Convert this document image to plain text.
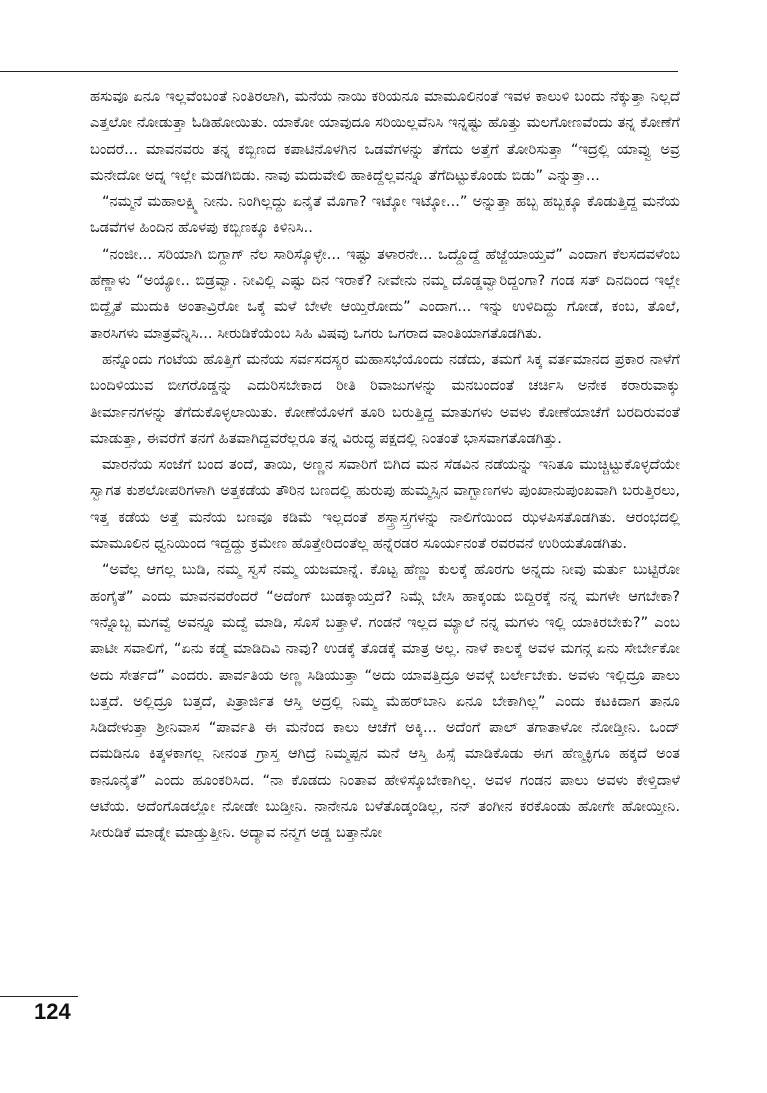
ಹಸುವೂ ಏನೂ ಇಲ್ಲವೆಂಬಂತೆ ನಿಂತಿರಲಾಗಿ, ಮನೆಯ ನಾಯಿ ಕರಿಯನೂ ಮಾಮೂಲಿನಂತೆ ಇವಳ ಕಾಲುಳಿ ಬಂದು ನೆಕ್ಕುತ್ತಾ ನಿಲ್ಲದೆ ಎತ್ತಲೋ ನೋಡುತ್ತಾ ಓಡಿಹೋಯಿತು. ಯಾಕೋ ಯಾವುದೂ ಸರಿಯಿಲ್ಲವೆನಿಸಿ ಇನ್ನಷ್ಟು ಹೊತ್ತು ಮಲಗೋಣವೆಂದು ತನ್ನ ಕೋಣೆಗೆ ಬಂದರೆ... ಮಾವನವರು ತನ್ನ ಕಬ್ಬಿಣದ ಕಪಾಟಿನೊಳಗಿನ ಒಡವೆಗಳನ್ನು ತೆಗೆದು ಅತ್ತೆಗೆ ತೋರಿಸುತ್ತಾ “ಇದ್ರಲ್ಲಿ ಯಾವ್ವು ಅವ್ರ ಮನೇದೋ ಅದ್ನ ಇಲ್ಲೇ ಮಡಗಿಬಿಡು. ನಾವು ಮದುವೇಲಿ ಹಾಕಿದ್ದೆಲ್ಲವನ್ನೂ ತೆಗೆದಿಟ್ಟುಕೊಂಡು ಬಿಡು” ಎನ್ನುತ್ತಾ...

“ನಮ್ಮನೆ ಮಹಾಲಕ್ಷ್ಮಿ ನೀನು. ನಿಂಗಿಲ್ಲದ್ದು ಏನೈತೆ ಮೊಗಾ? ಇಟ್ಕೋ ಇಟ್ಕೋ...” ಅನ್ನುತ್ತಾ ಹಬ್ಬ ಹಬ್ಬಕ್ಕೂ ಕೊಡುತ್ತಿದ್ದ ಮನೆಯ ಒಡವೆಗಳ ಹಿಂದಿನ ಹೊಳಪು ಕಬ್ಬಿಣಕ್ಕೂ ಕಿಳಿನಿಸಿ..

“ನಂಜೀ... ಸರಿಯಾಗಿ ಬಿಗ್ದಾಗ್ ನೆಲ ಸಾರಿಸ್ಕೊಳ್ಳೇ... ಇಷ್ಟು ತಳಾರನೇ... ಒದ್ದೊದ್ದೆ ಹೆಜ್ಜೆಯಾಯ್ತವೆ” ಎಂದಾಗ ಕೆಲಸದವಳೆಂಬ ಹೆಣ್ಣಾಳು “ಅಯ್ಯೋ.. ಬಿಡ್ರವ್ವಾ. ನೀವಿಲ್ಲಿ ಎಷ್ಟು ದಿನ ಇರಾಕೆ? ನೀವೇನು ನಮ್ಮ ದೊಡ್ಡವ್ವಾರಿದ್ದಂಗಾ? ಗಂಡ ಸತ್ ದಿನದಿಂದ ಇಲ್ಲೇ ಬಿದ್ದೈತೆ ಮುದುಕಿ ಅಂತಾವ್ರಿರೋ ಒಕ್ಕೆ ಮಳೆ ಬೇಳೇ ಆಯ್ತಿರೋದು” ಎಂದಾಗ... ಇನ್ನು ಉಳಿದಿದ್ದು ಗೋಡೆ, ಕಂಬ, ತೊಲೆ, ತಾರಸಿಗಳು ಮಾತ್ರವೆನ್ನಿಸಿ... ಸೀರುಡಿಕೆಯೆಂಬ ಸಿಹಿ ವಿಷವು ಒಗರು ಒಗರಾದ ವಾಂತಿಯಾಗತೊಡಗಿತು.

ಹನ್ನೊಂದು ಗಂಟೆಯ ಹೊತ್ತಿಗೆ ಮನೆಯ ಸರ್ವಸದಸ್ಯರ ಮಹಾಸಭೆಯೊಂದು ನಡೆದು, ತಮಗೆ ಸಿಕ್ಕ ವರ್ತಮಾನದ ಪ್ರಕಾರ ನಾಳೆಗೆ ಬಂದಿಳಿಯುವ ಬೀಗರೊಡ್ಡನ್ನು ಎದುರಿಸಬೇಕಾದ ರೀತಿ ರಿವಾಜುಗಳನ್ನು ಮನಬಂದಂತೆ ಚರ್ಚಿಸಿ ಅನೇಕ ಕರಾರುವಾಕ್ಕು ತೀರ್ಮಾನಗಳನ್ನು ತೆಗೆದುಕೊಳ್ಳಲಾಯಿತು. ಕೋಣೆಯೊಳಗೆ ತೂರಿ ಬರುತ್ತಿದ್ದ ಮಾತುಗಳು ಅವಳು ಕೋಣೆಯಾಚೆಗೆ ಬರದಿರುವಂತೆ ಮಾಡುತ್ತಾ, ಈವರೆಗೆ ತನಗೆ ಹಿತವಾಗಿದ್ದವರೆಲ್ಲರೂ ತನ್ನ ವಿರುದ್ಧ ಪಕ್ಷದಲ್ಲಿ ನಿಂತಂತೆ ಭಾಸವಾಗತೊಡಗಿತ್ತು.

ಮಾರನೆಯ ಸಂಜೆಗೆ ಬಂದ ತಂದೆ, ತಾಯಿ, ಅಣ್ಣನ ಸವಾರಿಗೆ ಬಿಗಿದ ಮನ ಸೆಡವಿನ ನಡೆಯನ್ನು ಇನಿತೂ ಮುಚ್ಚಿಟ್ಟುಕೊಳ್ಳದೆಯೇ ಸ್ವಾಗತ ಕುಶಲೋಪರಿಗಳಾಗಿ ಅತ್ತಕಡೆಯ ತೌರಿನ ಬಣದಲ್ಲಿ ಹುರುಪು ಹುಮ್ಮಸ್ಸಿನ ವಾಗ್ಬಾಣಗಳು ಪುಂಖಾನುಪುಂಖವಾಗಿ ಬರುತ್ತಿರಲು, ಇತ್ತ ಕಡೆಯ ಅತ್ತೆ ಮನೆಯ ಬಣವೂ ಕಡಿಮೆ ಇಲ್ಲದಂತೆ ಶಸ್ತ್ರಾಸ್ತ್ರಗಳನ್ನು ನಾಲಿಗೆಯಿಂದ ಝಳಪಿಸತೊಡಗಿತು. ಆರಂಭದಲ್ಲಿ ಮಾಮೂಲಿನ ಧ್ವನಿಯಿಂದ ಇದ್ದದ್ದು ಕ್ರಮೇಣ ಹೊತ್ತೇರಿದಂತೆಲ್ಲ ಹನ್ನೆರಡರ ಸೂರ್ಯನಂತೆ ರವರವನೆ ಉರಿಯತೊಡಗಿತು.

“ಅವೆಲ್ಲ ಆಗಲ್ಲ ಬುಡಿ, ನಮ್ಮ ಸ್ವಸೆ ನಮ್ಮ ಯಜಮಾನ್ನೆ. ಕೊಟ್ಟ ಹೆಣ್ಣು ಕುಲಕ್ಕೆ ಹೊರಗು ಅನ್ನದು ನೀವು ಮರ್ತು ಬುಟ್ಟಿರೋ ಹಂಗೈತೆ” ಎಂದು ಮಾವನವರೆಂದರೆ “ಅದೆಂಗ್ ಬುಡಕ್ಕಾಯ್ತದೆ? ನಿಮ್ಗೆ ಬೇಸಿ ಹಾಕ್ಕಂಡು ಬಿದ್ದಿರಕ್ಕೆ ನನ್ನ ಮಗಳೇ ಆಗಬೇಕಾ? ಇನ್ನೊಬ್ಬ ಮಗವ್ವೆ ಅವನ್ನೂ ಮದ್ವೆ ಮಾಡಿ, ಸೊಸೆ ಬತ್ತಾಳೆ. ಗಂಡನೆ ಇಲ್ಲದ ಮ್ಯಾಲೆ ನನ್ನ ಮಗಳು ಇಲ್ಲಿ ಯಾಕಿರಬೇಕು?” ಎಂಬ ಪಾಟೀ ಸವಾಲಿಗೆ, “ಏನು ಕಡ್ಮೆ ಮಾಡಿದಿವಿ ನಾವು? ಉಡಕ್ಕೆ ತೊಡಕ್ಕೆ ಮಾತ್ರ ಅಲ್ಲ. ನಾಳೆ ಕಾಲಕ್ಕೆ ಅವಳ ಮಗನ್ಗ ಏನು ಸೇರ್ಬೇಕೋ ಅದು ಸೇರ್ತದೆ” ಎಂದರು. ಪಾರ್ವತಿಯ ಅಣ್ಣ ಸಿಡಿಯುತ್ತಾ “ಅದು ಯಾವತ್ತಿದ್ರೂ ಅವಳ್ಗೆ ಬರ್ಲೇಬೇಕು. ಅವಳು ಇಲ್ಲಿದ್ರೂ ಪಾಲು ಬತ್ತದೆ. ಅಲ್ಲಿದ್ರೂ ಬತ್ತದೆ, ಪಿತ್ರಾರ್ಜಿತ ಆಸ್ತಿ ಅದ್ರಲ್ಲಿ ನಿಮ್ಮ ಮೆಹರ್‌ಬಾನಿ ಏನೂ ಬೇಕಾಗಿಲ್ಲ” ಎಂದು ಕಟಕಿದಾಗ ತಾನೂ ಸಿಡಿದೇಳುತ್ತಾ ಶ್ರೀನಿವಾಸ “ಪಾರ್ವತಿ ಈ ಮನೆಂದ ಕಾಲು ಆಚೆಗೆ ಅಕ್ಕಿ... ಅದೆಂಗೆ ಪಾಲ್ ತಗಾತಾಳೋ ನೋಡ್ತೀನಿ. ಒಂದ್ ದಮಡಿನೂ ಕಿತ್ಕಳಕಾಗಲ್ಲ ನೀನಂತ ಗ್ರಾಸ್ತ ಆಗಿದ್ರೆ ನಿಮ್ಮಪ್ಪನ ಮನೆ ಆಸ್ತಿ ಹಿಸ್ಸೆ ಮಾಡಿಕೊಡು ಈಗ ಹೆಣ್ಮಕ್ಳಿಗೂ ಹಕ್ಕದೆ ಅಂತ ಕಾನೂನೈತೆ” ಎಂದು ಹೂಂಕರಿಸಿದ. “ನಾ ಕೊಡದು ನಿಂತಾವ ಹೇಳಿಸ್ಕೊಬೇಕಾಗಿಲ್ಲ. ಅವಳ ಗಂಡನ ಪಾಲು ಅವಳು ಕೇಳ್ತಿದಾಳೆ ಆಟೆಯ. ಅದೆಂಗೊಡಲ್ಲೋ ನೋಡೇ ಬುಡ್ತೀನಿ. ನಾನೇನೂ ಬಳೆತೊಡ್ಕಂಡಿಲ್ಲ, ನನ್ ತಂಗೀನ ಕರಕೊಂಡು ಹೋಗೇ ಹೋಯ್ತೀನಿ. ಸೀರುಡಿಕೆ ಮಾಡ್ನೇ ಮಾಡ್ತುತ್ತೀನಿ. ಅದ್ಯಾವ ನನ್ಮಗ ಅಡ್ಡ ಬತ್ತಾನೋ

124
